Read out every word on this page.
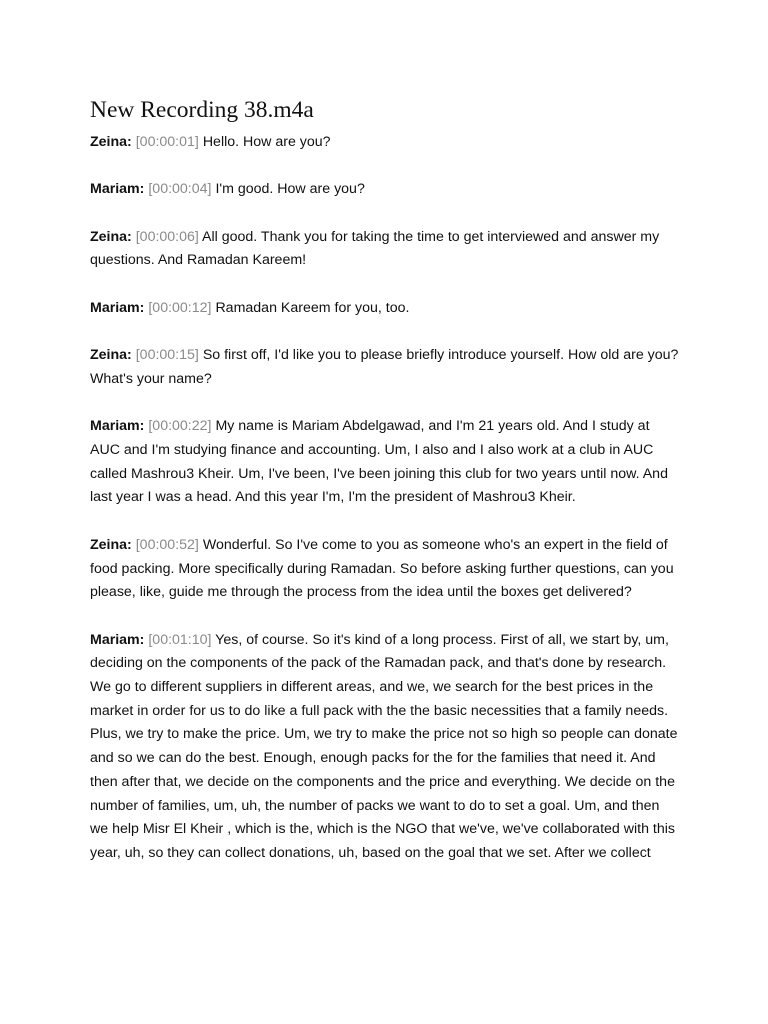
New Recording 38.m4a

Zeina: [00:00:01] Hello. How are you?

Mariam: [00:00:04] I'm good. How are you?

Zeina: [00:00:06] All good. Thank you for taking the time to get interviewed and answer my questions. And Ramadan Kareem!

Mariam: [00:00:12] Ramadan Kareem for you, too.

Zeina: [00:00:15] So first off, I'd like you to please briefly introduce yourself. How old are you? What's your name?

Mariam: [00:00:22] My name is Mariam Abdelgawad, and I'm 21 years old. And I study at AUC and I'm studying finance and accounting. Um, I also and I also work at a club in AUC called Mashrou3 Kheir. Um, I've been, I've been joining this club for two years until now. And last year I was a head. And this year I'm, I'm the president of Mashrou3 Kheir.

Zeina: [00:00:52] Wonderful. So I've come to you as someone who's an expert in the field of food packing. More specifically during Ramadan. So before asking further questions, can you please, like, guide me through the process from the idea until the boxes get delivered?

Mariam: [00:01:10] Yes, of course. So it's kind of a long process. First of all, we start by, um, deciding on the components of the pack of the Ramadan pack, and that's done by research. We go to different suppliers in different areas, and we, we search for the best prices in the market in order for us to do like a full pack with the the basic necessities that a family needs. Plus, we try to make the price. Um, we try to make the price not so high so people can donate and so we can do the best. Enough, enough packs for the for the families that need it. And then after that, we decide on the components and the price and everything. We decide on the number of families, um, uh, the number of packs we want to do to set a goal. Um, and then we help Misr El Kheir , which is the, which is the NGO that we've, we've collaborated with this year, uh, so they can collect donations, uh, based on the goal that we set. After we collect
